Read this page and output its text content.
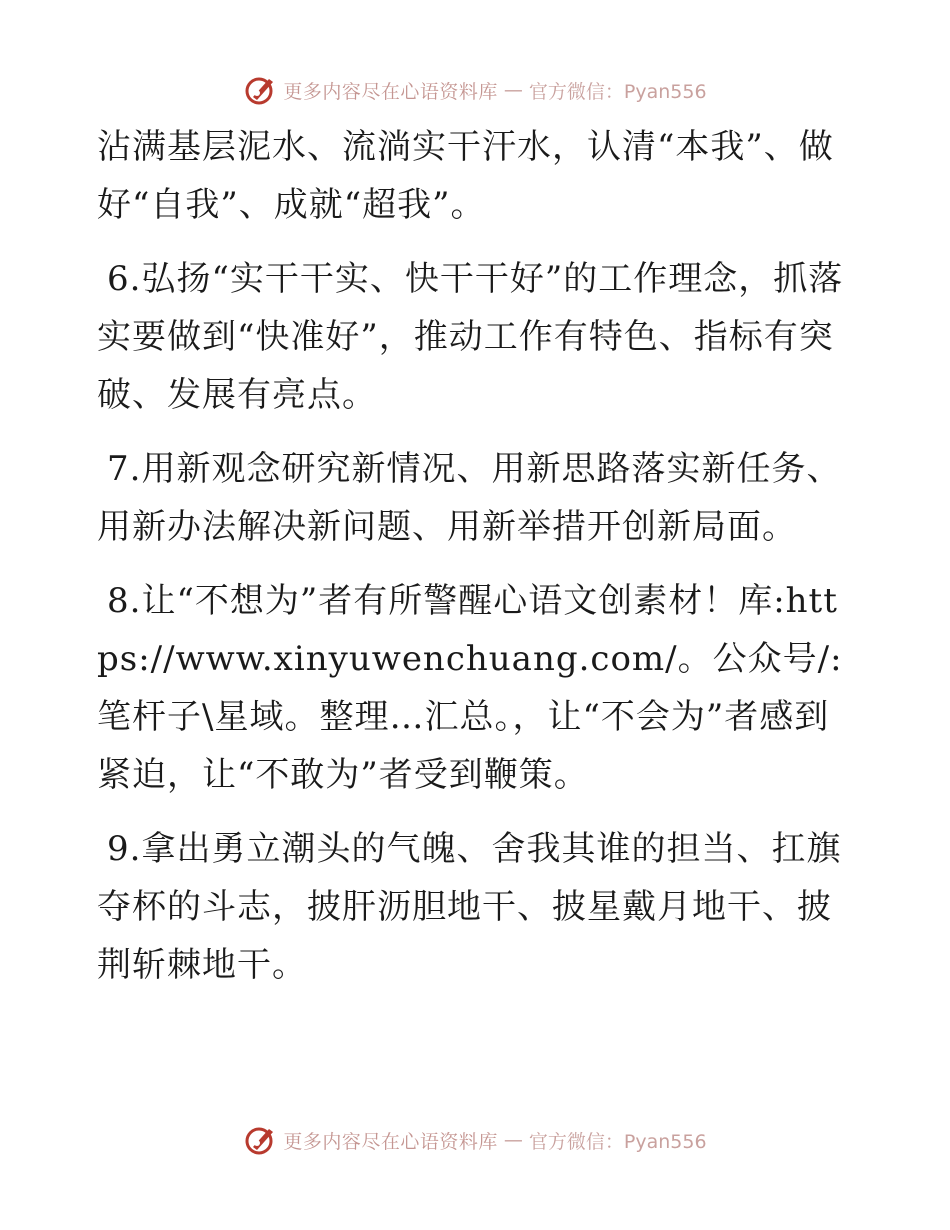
更多内容尽在心语资料库 — 官方微信：Pyan556

沾满基层泥水、流淌实干汗水，认清“本我”、做好“自我”、成就“超我”。

6.弘扬“实干干实、快干干好”的工作理念，抓落实要做到“快准好”，推动工作有特色、指标有突破、发展有亮点。

7.用新观念研究新情况、用新思路落实新任务、用新办法解决新问题、用新举措开创新局面。

8.让“不想为”者有所警醒心语文创素材！库:https://www.xinyuwenchuang.com/。公众号/: 笔杆子\星域。整理…汇总。，让“不会为”者感到紧迫，让“不敢为”者受到鞭策。

9.拿出勇立潮头的气魄、舍我其谁的担当、扛旗夺杯的斗志，披肝沥胆地干、披星戴月地干、披荆斩棘地干。

更多内容尽在心语资料库 — 官方微信：Pyan556
